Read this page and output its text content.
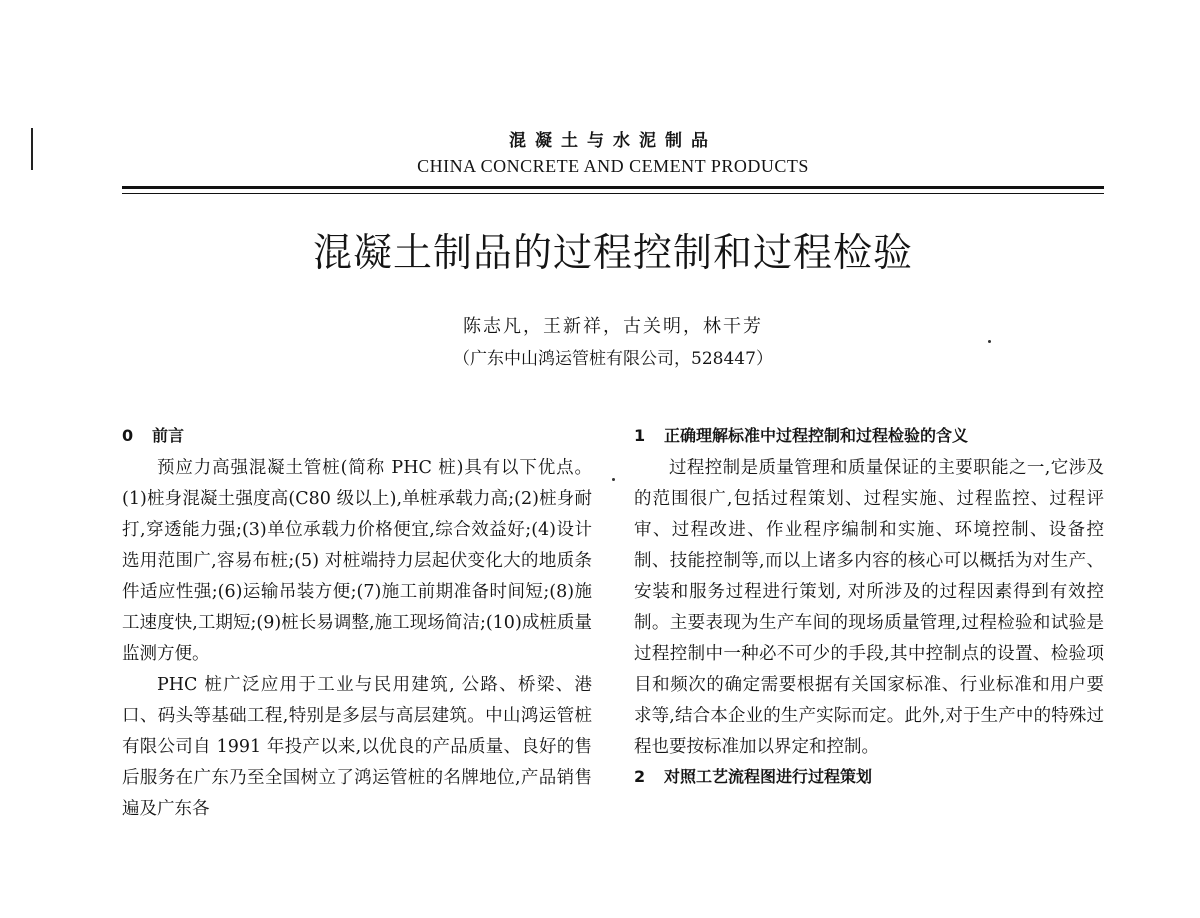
混凝土与水泥制品
CHINA CONCRETE AND CEMENT PRODUCTS
混凝土制品的过程控制和过程检验
陈志凡，王新祥，古关明，林干芳
（广东中山鸿运管桩有限公司，528447）
0 前言

预应力高强混凝土管桩(简称 PHC 桩)具有以下优点。(1)桩身混凝土强度高(C80 级以上),单桩承载力高;(2)桩身耐打,穿透能力强;(3)单位承载力价格便宜,综合效益好;(4)设计选用范围广,容易布桩;(5) 对桩端持力层起伏变化大的地质条件适应性强;(6)运输吊装方便;(7)施工前期准备时间短;(8)施工速度快,工期短;(9)桩长易调整,施工现场简洁;(10)成桩质量监测方便。

PHC 桩广泛应用于工业与民用建筑, 公路、桥梁、港口、码头等基础工程,特别是多层与高层建筑。中山鸿运管桩有限公司自 1991 年投产以来,以优良的产品质量、良好的售后服务在广东乃至全国树立了鸿运管桩的名牌地位,产品销售遍及广东各

1 正确理解标准中过程控制和过程检验的含义

过程控制是质量管理和质量保证的主要职能之一,它涉及的范围很广,包括过程策划、过程实施、过程监控、过程评审、过程改进、作业程序编制和实施、环境控制、设备控制、技能控制等,而以上诸多内容的核心可以概括为对生产、安装和服务过程进行策划, 对所涉及的过程因素得到有效控制。主要表现为生产车间的现场质量管理,过程检验和试验是过程控制中一种必不可少的手段,其中控制点的设置、检验项目和频次的确定需要根据有关国家标准、行业标准和用户要求等,结合本企业的生产实际而定。此外,对于生产中的特殊过程也要按标准加以界定和控制。

2 对照工艺流程图进行过程策划
